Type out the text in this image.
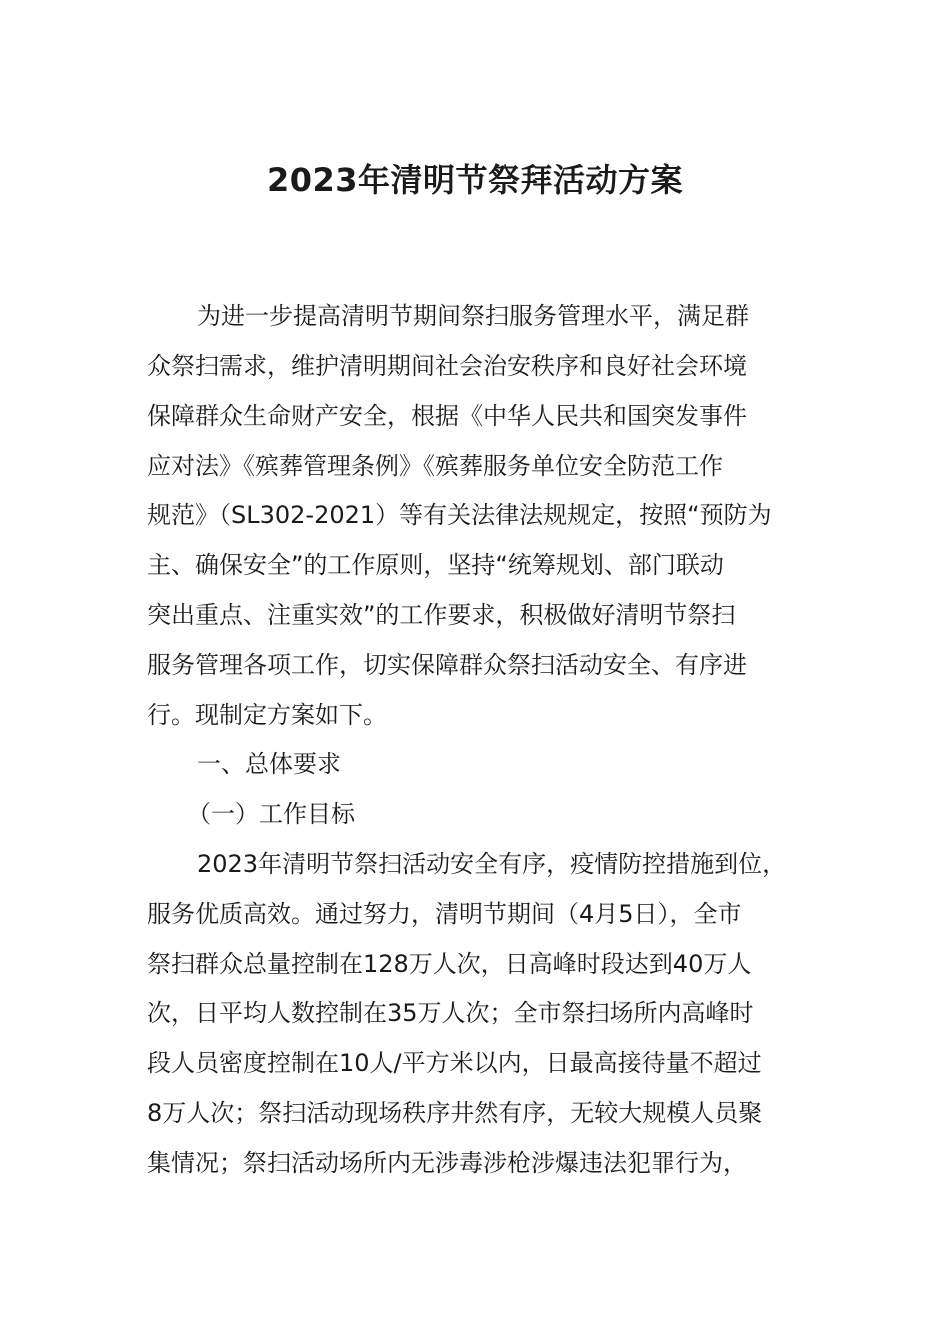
2023年清明节祭拜活动方案

为进一步提高清明节期间祭扫服务管理水平，满足群

众祭扫需求，维护清明期间社会治安秩序和良好社会环境

保障群众生命财产安全，根据《中华人民共和国突发事件

应对法》《殡葬管理条例》《殡葬服务单位安全防范工作

规范》（SL302-2021）等有关法律法规规定，按照“预防为

主、确保安全”的工作原则，坚持“统筹规划、部门联动

突出重点、注重实效”的工作要求，积极做好清明节祭扫

服务管理各项工作，切实保障群众祭扫活动安全、有序进

行。现制定方案如下。

一、总体要求

（一）工作目标

2023年清明节祭扫活动安全有序，疫情防控措施到位，

服务优质高效。通过努力，清明节期间（4月5日），全市

祭扫群众总量控制在128万人次，日高峰时段达到40万人

次，日平均人数控制在35万人次；全市祭扫场所内高峰时

段人员密度控制在10人/平方米以内，日最高接待量不超过

8万人次；祭扫活动现场秩序井然有序，无较大规模人员聚

集情况；祭扫活动场所内无涉毒涉枪涉爆违法犯罪行为，
